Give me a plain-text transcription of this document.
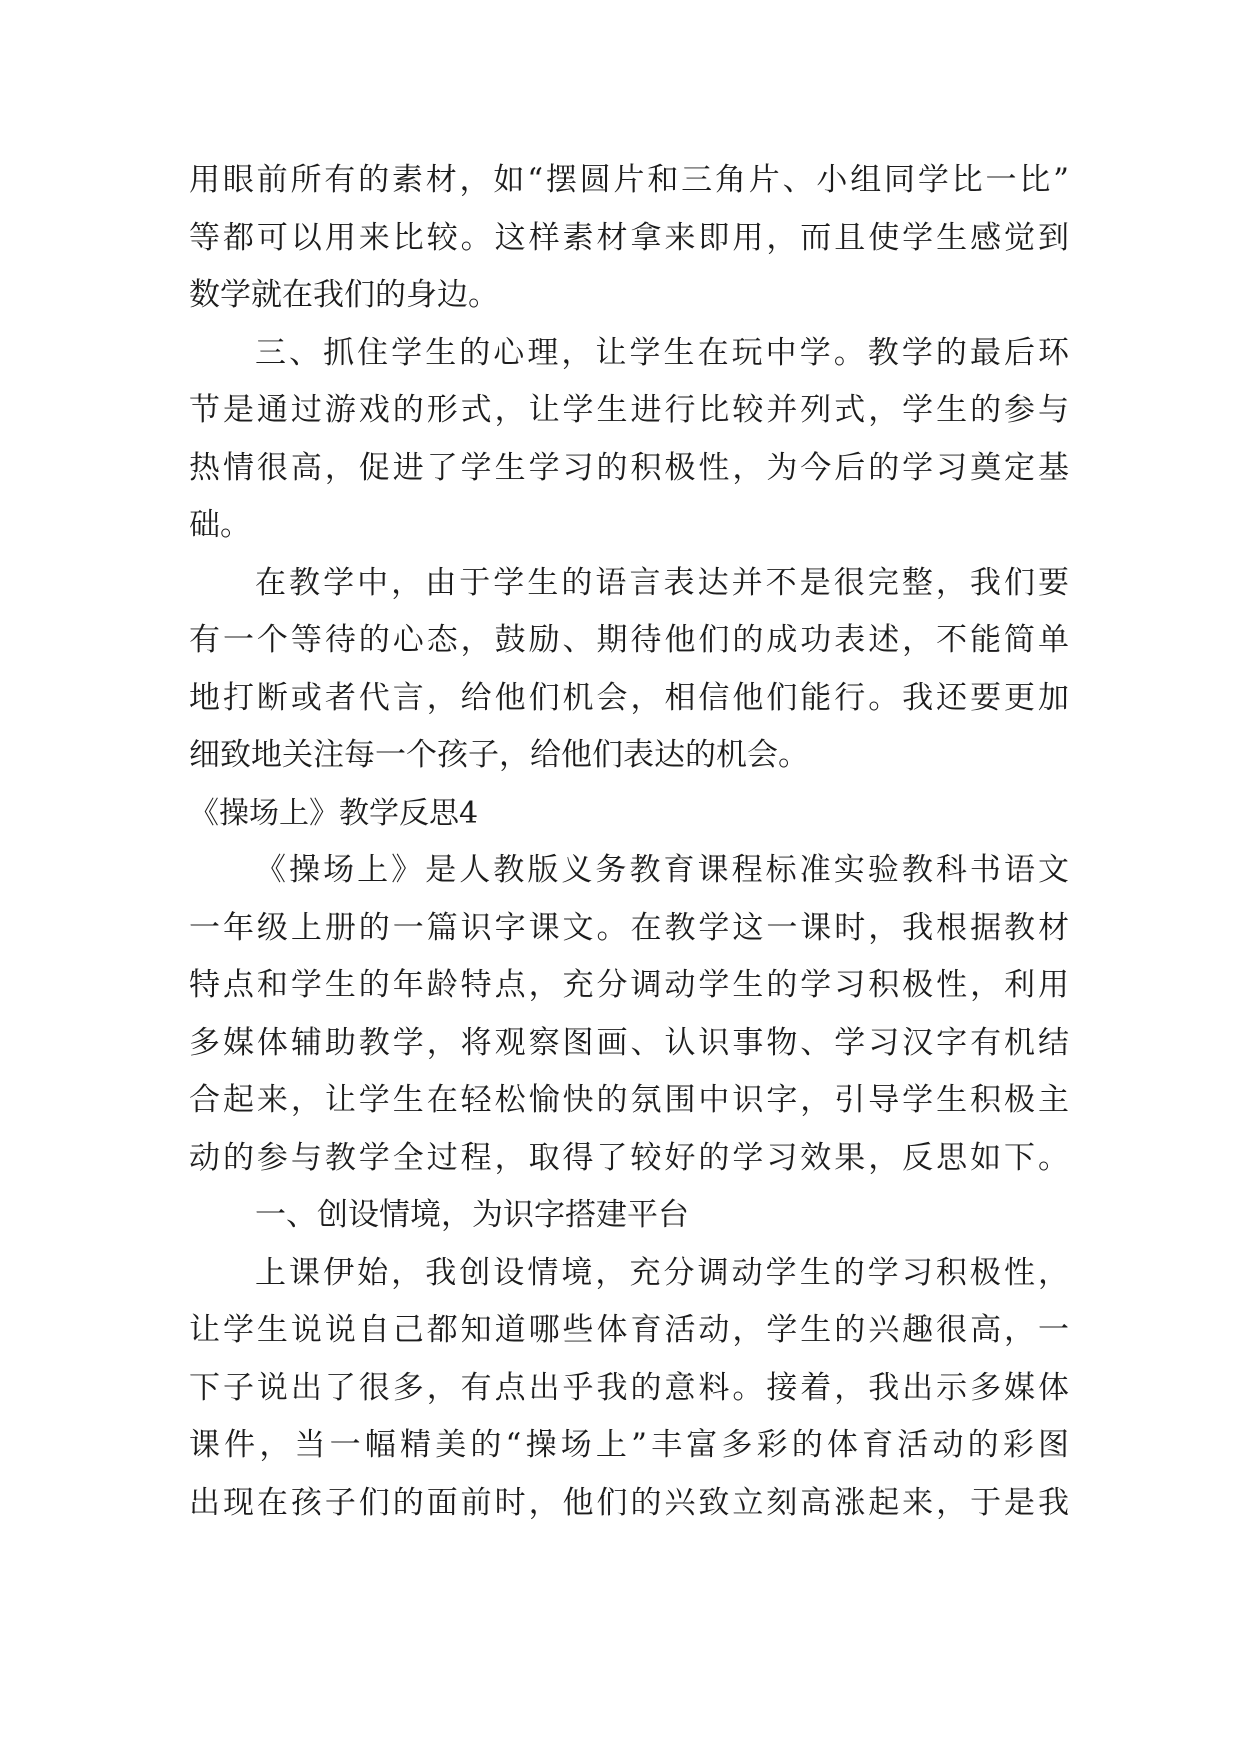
用眼前所有的素材，如“摆圆片和三角片、小组同学比一比”
等都可以用来比较。这样素材拿来即用，而且使学生感觉到
数学就在我们的身边。
三、抓住学生的心理，让学生在玩中学。教学的最后环
节是通过游戏的形式，让学生进行比较并列式，学生的参与
热情很高，促进了学生学习的积极性，为今后的学习奠定基
础。
在教学中，由于学生的语言表达并不是很完整，我们要
有一个等待的心态，鼓励、期待他们的成功表述，不能简单
地打断或者代言，给他们机会，相信他们能行。我还要更加
细致地关注每一个孩子，给他们表达的机会。
《操场上》教学反思4
《操场上》是人教版义务教育课程标准实验教科书语文
一年级上册的一篇识字课文。在教学这一课时，我根据教材
特点和学生的年龄特点，充分调动学生的学习积极性，利用
多媒体辅助教学，将观察图画、认识事物、学习汉字有机结
合起来，让学生在轻松愉快的氛围中识字，引导学生积极主
动的参与教学全过程，取得了较好的学习效果，反思如下。
一、创设情境，为识字搭建平台
上课伊始，我创设情境，充分调动学生的学习积极性，
让学生说说自己都知道哪些体育活动，学生的兴趣很高，一
下子说出了很多，有点出乎我的意料。接着，我出示多媒体
课件，当一幅精美的“操场上”丰富多彩的体育活动的彩图
出现在孩子们的面前时，他们的兴致立刻高涨起来，于是我
